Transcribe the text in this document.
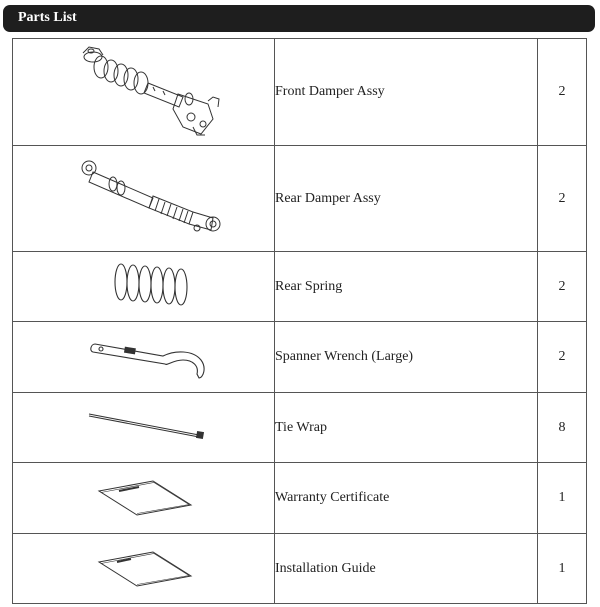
Parts List
	Front Damper Assy	2

	Rear Damper Assy	2

	Rear Spring	2

	Spanner Wrench (Large)	2

	Tie Wrap	8

	Warranty Certificate	1

	Installation Guide	1
